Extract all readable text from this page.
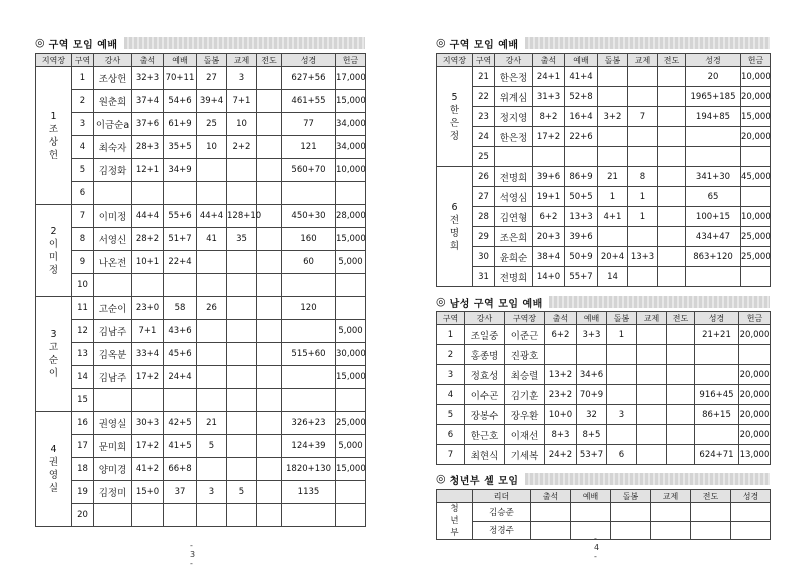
◎ 구역 모임 예배
지역장	구역	강사	출석	예배	돌봄	교제	전도	성경	헌금
1 조 상 헌	1	조상헌	32+3	70+11	27	3		627+56	17,000
	2	원춘희	37+4	54+6	39+4	7+1		461+55	15,000
	3	이금순a	37+6	61+9	25	10		77	34,000
	4	최숙자	28+3	35+5	10	2+2		121	34,000
	5	김정화	12+1	34+9				560+70	10,000
	6								
2 이 미 정	7	이미정	44+4	55+6	44+4	128+10		450+30	28,000
	8	서영신	28+2	51+7	41	35		160	15,000
	9	나온전	10+1	22+4				60	5,000
	10								
3 고 순 이	11	고순이	23+0	58	26			120	
	12	김남주	7+1	43+6					5,000
	13	김옥분	33+4	45+6				515+60	30,000
	14	김남주	17+2	24+4					15,000
	15								
4 권 영 실	16	권영실	30+3	42+5	21			326+23	25,000
	17	문미희	17+2	41+5	5			124+39	5,000
	18	양미경	41+2	66+8				1820+130	15,000
	19	김정미	15+0	37	3	5		1135	
	20								
- 3 -
◎ 구역 모임 예배
지역장	구역	강사	출석	예배	돌봄	교제	전도	성경	헌금
5 한 은 정	21	한은정	24+1	41+4				20	10,000
	22	위계심	31+3	52+8				1965+185	20,000
	23	정지영	8+2	16+4	3+2	7		194+85	15,000
	24	한은정	17+2	22+6					20,000
	25								
6 전 명 희	26	전명희	39+6	86+9	21	8		341+30	45,000
	27	석영심	19+1	50+5	1	1		65	
	28	김연형	6+2	13+3	4+1	1		100+15	10,000
	29	조은희	20+3	39+6				434+47	25,000
	30	윤희순	38+4	50+9	20+4	13+3		863+120	25,000
	31	전명희	14+0	55+7	14				
◎ 남성 구역 모임 예배
구역	강사	구역장	출석	예배	돌봄	교제	전도	성경	헌금
1	조일중	이준근	6+2	3+3	1			21+21	20,000
2	홍종명	진광호							
3	정효성	최승렬	13+2	34+6					20,000
4	이수곤	김기훈	23+2	70+9				916+45	20,000
5	장봉수	장우환	10+0	32	3			86+15	20,000
6	한근호	이재선	8+3	8+5					20,000
7	최현식	기세복	24+2	53+7	6			624+71	13,000
◎ 청년부 셀 모임
	리더	출석	예배	돌봄	교제	전도	성경
청 년 부	김승준						
	정경주						
- 4 -
